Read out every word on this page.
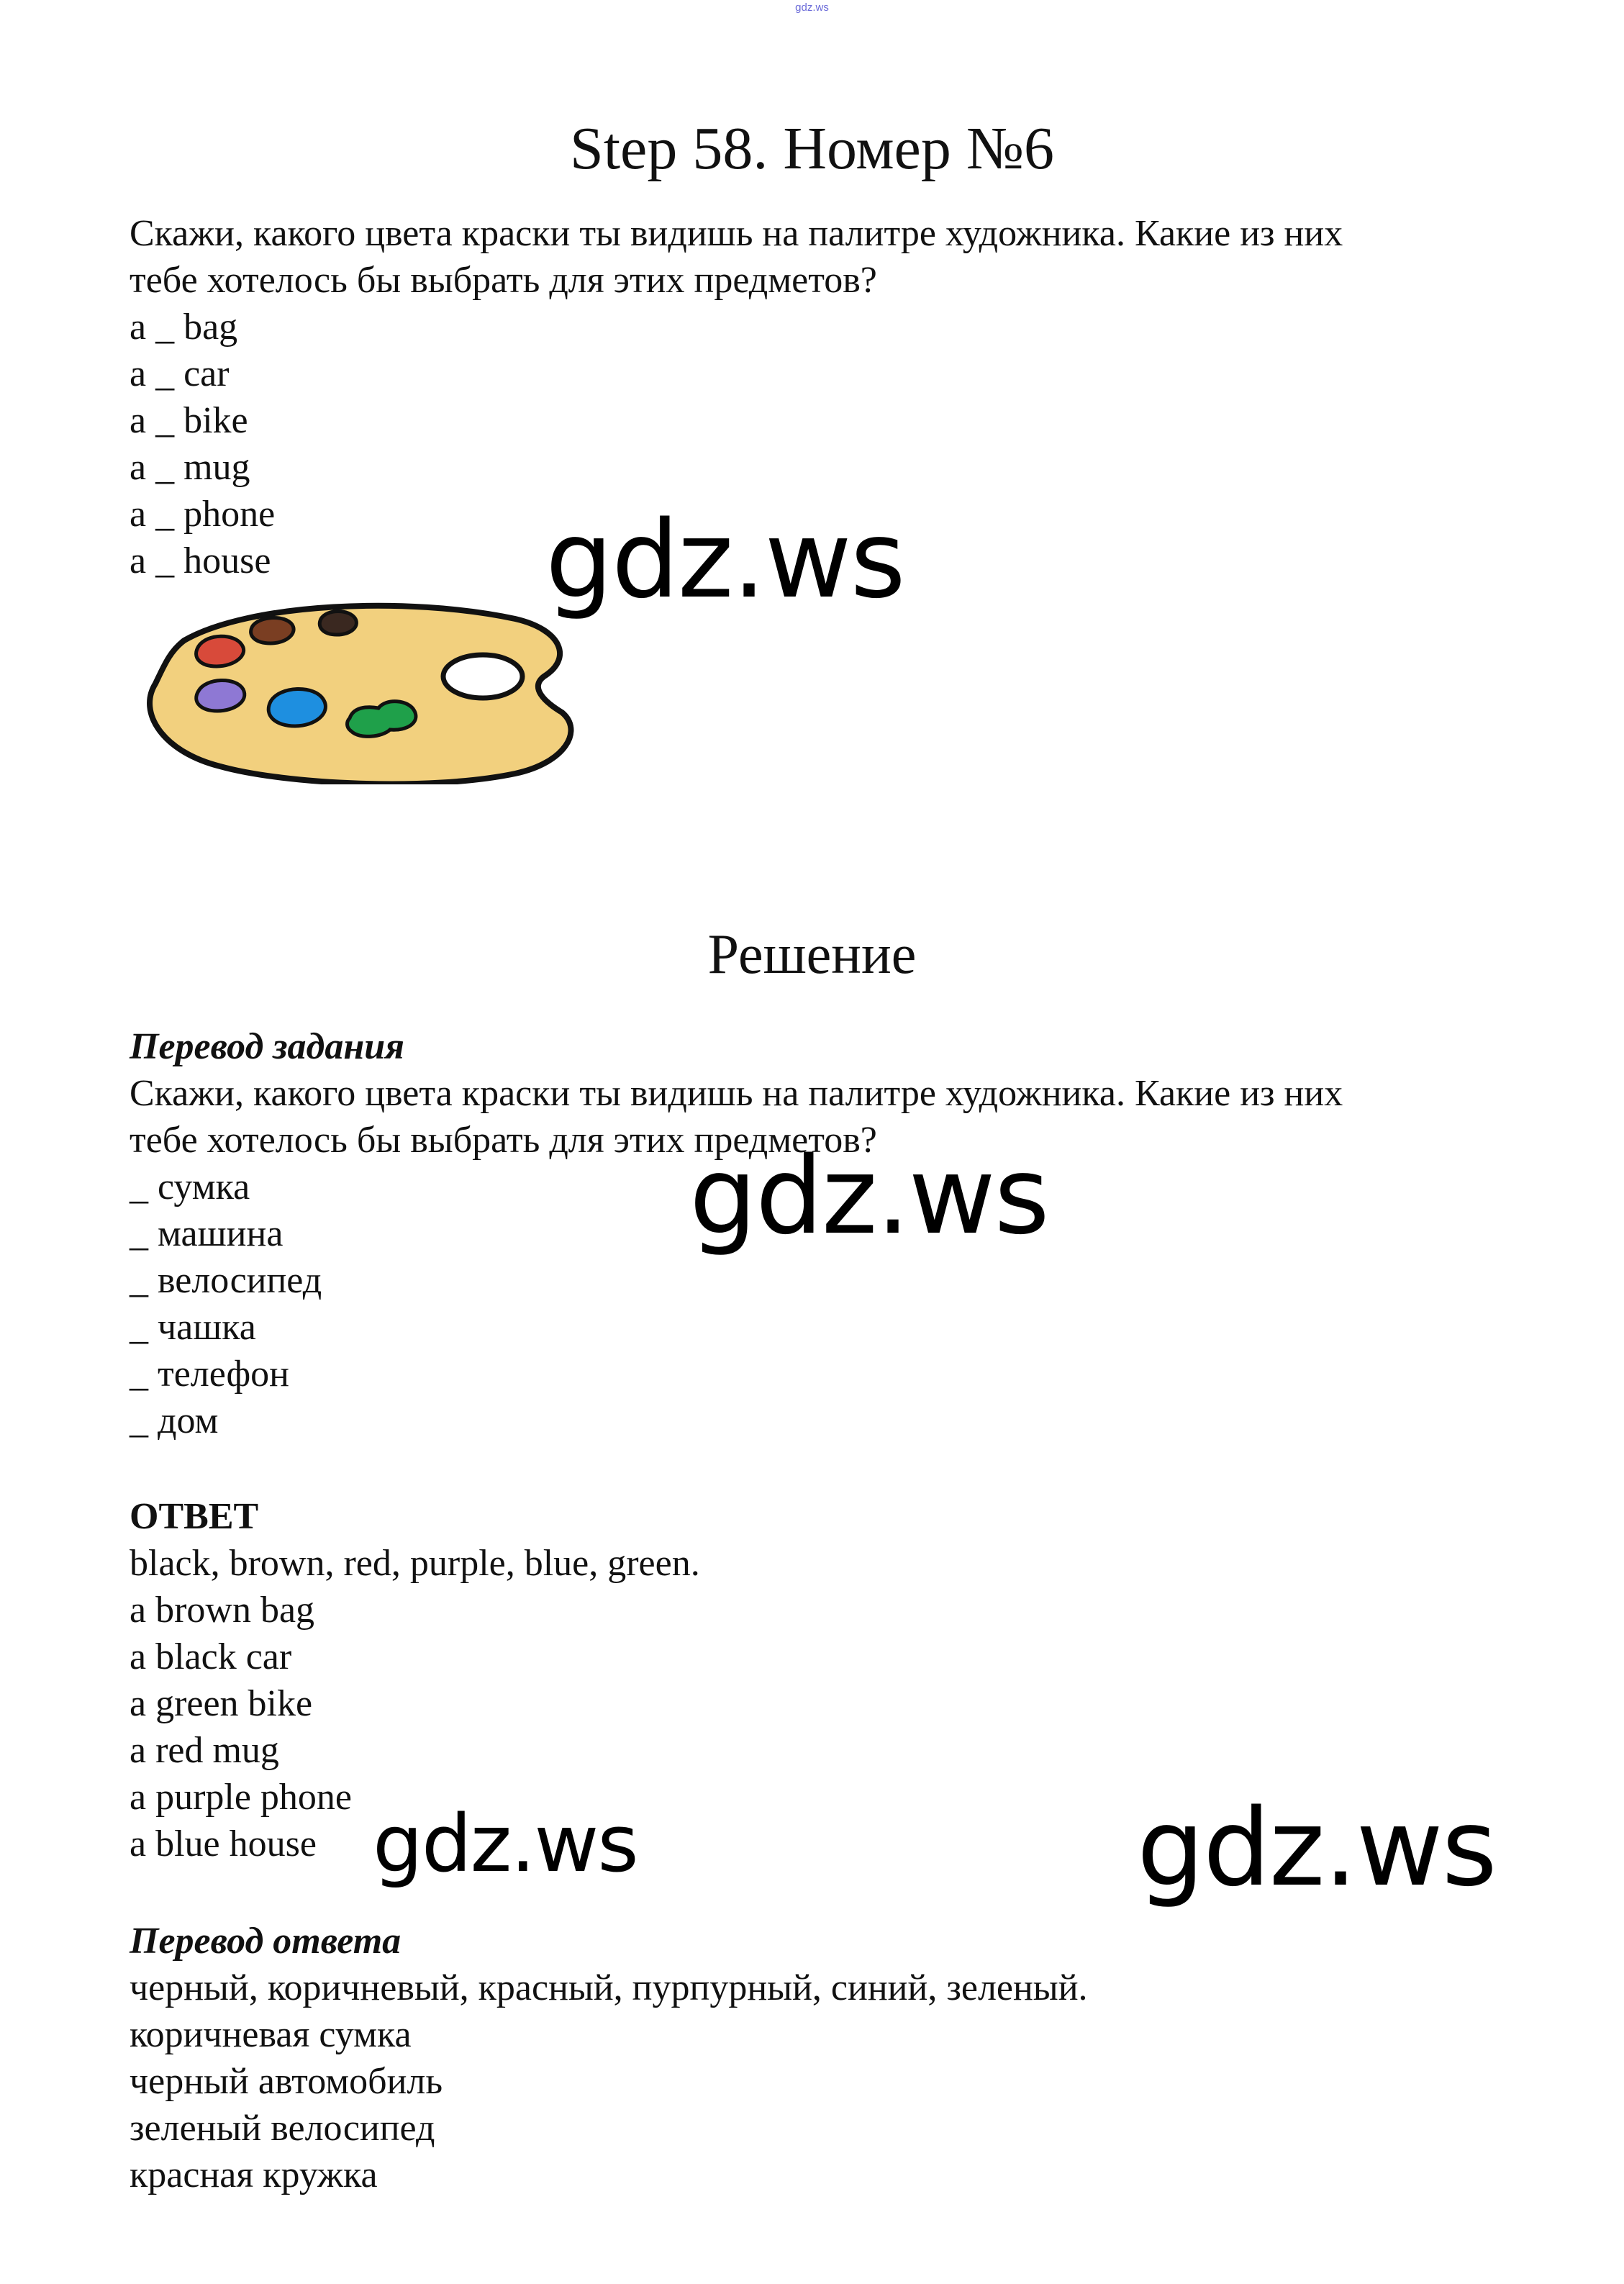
gdz.ws
Step 58. Номер №6
Скажи, какого цвета краски ты видишь на палитре художника. Какие из них
тебе хотелось бы выбрать для этих предметов?
a _ bag
a _ car
a _ bike
a _ mug
a _ phone
a _ house
Решение
Перевод задания
Скажи, какого цвета краски ты видишь на палитре художника. Какие из них
тебе хотелось бы выбрать для этих предметов?
_ сумка
_ машина
_ велосипед
_ чашка
_ телефон
_ дом
ОТВЕТ
black, brown, red, purple, blue, green.
a brown bag
a black car
a green bike
a red mug
a purple phone
a blue house
Перевод ответа
черный, коричневый, красный, пурпурный, синий, зеленый.
коричневая сумка
черный автомобиль
зеленый велосипед
красная кружка
gdz.ws
gdz.ws
gdz.ws	gdz.ws
